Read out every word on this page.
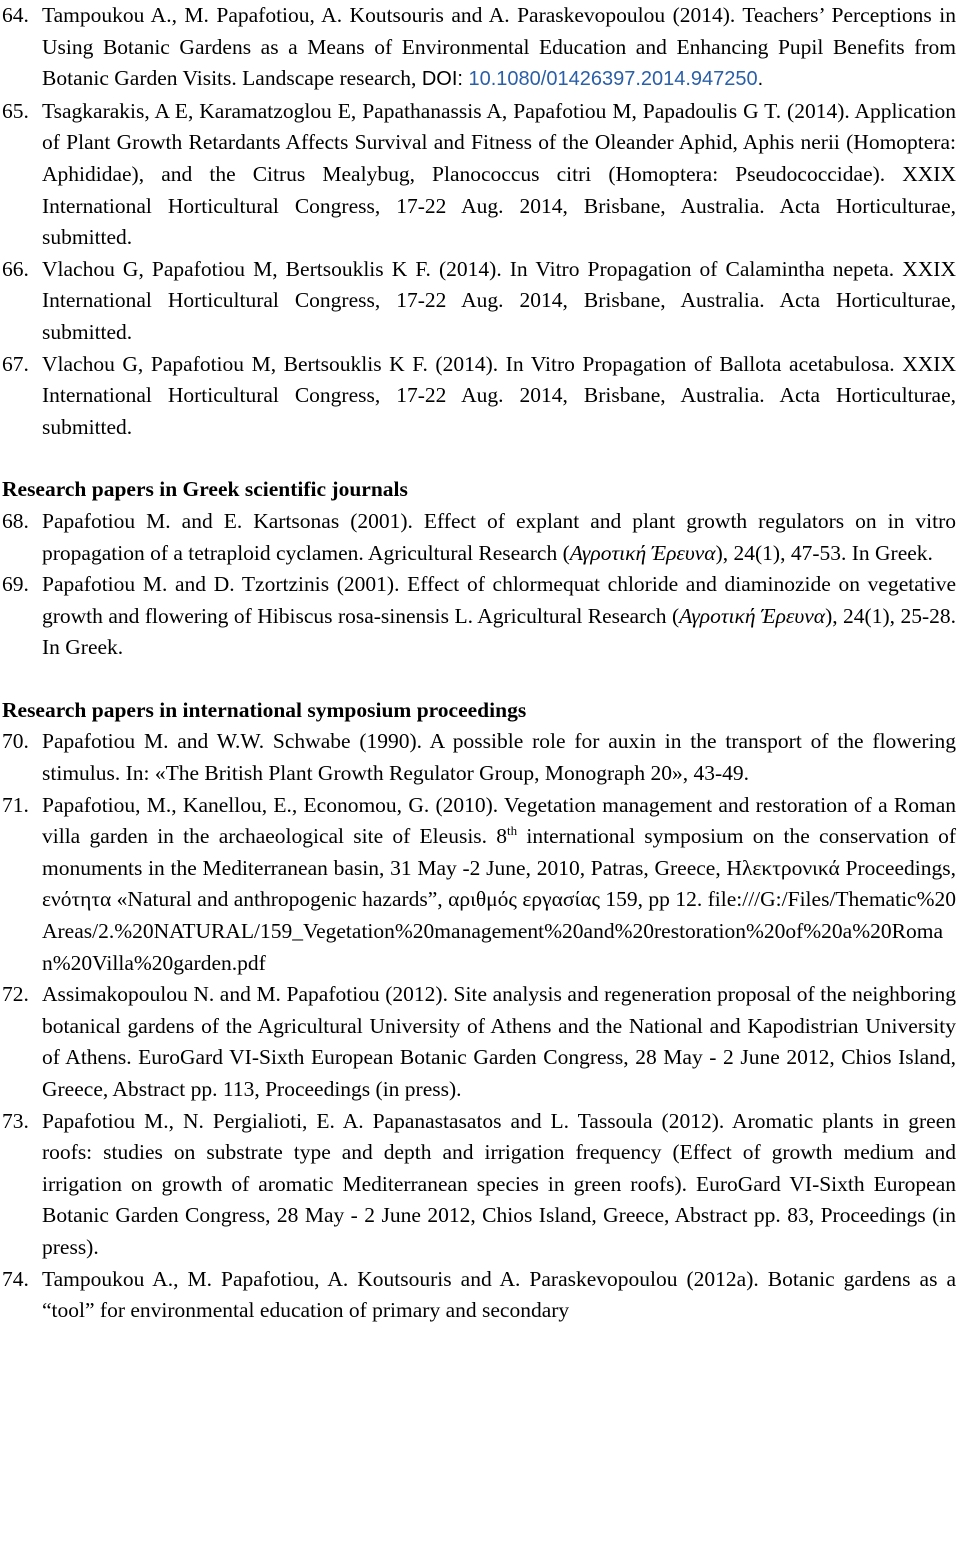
64. Tampoukou A., M. Papafotiou, A. Koutsouris and A. Paraskevopoulou (2014). Teachers’ Perceptions in Using Botanic Gardens as a Means of Environmental Education and Enhancing Pupil Benefits from Botanic Garden Visits. Landscape research, DOI: 10.1080/01426397.2014.947250.
65. Tsagkarakis, A E, Karamatzoglou E, Papathanassis A, Papafotiou M, Papadoulis G T. (2014). Application of Plant Growth Retardants Affects Survival and Fitness of the Oleander Aphid, Aphis nerii (Homoptera: Aphididae), and the Citrus Mealybug, Planococcus citri (Homoptera: Pseudococcidae). XXIX International Horticultural Congress, 17-22 Aug. 2014, Brisbane, Australia. Acta Horticulturae, submitted.
66. Vlachou G, Papafotiou M, Bertsouklis K F. (2014). In Vitro Propagation of Calamintha nepeta. XXIX International Horticultural Congress, 17-22 Aug. 2014, Brisbane, Australia. Acta Horticulturae, submitted.
67. Vlachou G, Papafotiou M, Bertsouklis K F. (2014). In Vitro Propagation of Ballota acetabulosa. XXIX International Horticultural Congress, 17-22 Aug. 2014, Brisbane, Australia. Acta Horticulturae, submitted.
Research papers in Greek scientific journals
68. Papafotiou M. and E. Kartsonas (2001). Effect of explant and plant growth regulators on in vitro propagation of a tetraploid cyclamen. Agricultural Research (Αγροτική Έρευνα), 24(1), 47-53. In Greek.
69. Papafotiou M. and D. Tzortzinis (2001). Effect of chlormequat chloride and diaminozide on vegetative growth and flowering of Hibiscus rosa-sinensis L. Agricultural Research (Αγροτική Έρευνα), 24(1), 25-28. In Greek.
Research papers in international symposium proceedings
70. Papafotiou M. and W.W. Schwabe (1990). A possible role for auxin in the transport of the flowering stimulus. In: «The British Plant Growth Regulator Group, Monograph 20», 43-49.
71. Papafotiou, M., Kanellou, E., Economou, G. (2010). Vegetation management and restoration of a Roman villa garden in the archaeological site of Eleusis. 8th international symposium on the conservation of monuments in the Mediterranean basin, 31 May -2 June, 2010, Patras, Greece, Ηλεκτρονικά Proceedings, ενότητα «Natural and anthropogenic hazards”, αριθμός εργασίας 159, pp 12. file:///G:/Files/Thematic%20Areas/2.%20NATURAL/159_Vegetation%20management%20and%20restoration%20of%20a%20Roman%20Villa%20garden.pdf
72. Assimakopoulou N. and M. Papafotiou (2012). Site analysis and regeneration proposal of the neighboring botanical gardens of the Agricultural University of Athens and the National and Kapodistrian University of Athens. EuroGard VI-Sixth European Botanic Garden Congress, 28 May - 2 June 2012, Chios Island, Greece, Abstract pp. 113, Proceedings (in press).
73. Papafotiou M., N. Pergialioti, E. A. Papanastasatos and L. Tassoula (2012). Aromatic plants in green roofs: studies on substrate type and depth and irrigation frequency (Effect of growth medium and irrigation on growth of aromatic Mediterranean species in green roofs). EuroGard VI-Sixth European Botanic Garden Congress, 28 May - 2 June 2012, Chios Island, Greece, Abstract pp. 83, Proceedings (in press).
74. Tampoukou A., M. Papafotiou, A. Koutsouris and A. Paraskevopoulou (2012a). Botanic gardens as a “tool” for environmental education of primary and secondary
